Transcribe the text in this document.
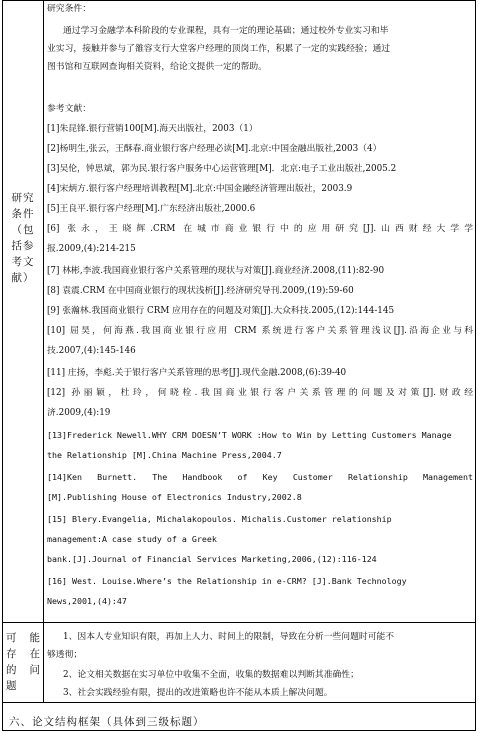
研究
条件
（包
括参
考文
献）
研究条件：
通过学习金融学本科阶段的专业课程，具有一定的理论基础；通过校外专业实习和毕
业实习，接触并参与了雒容支行大堂客户经理的顶岗工作，积累了一定的实践经验；通过
图书馆和互联网查询相关资料，给论文提供一定的帮助。
参考文献：
[1]朱昆锋.银行营销100[M].海天出版社，2003（1）
[2]杨明生,张云，王酥春.商业银行客户经理必读[M].北京:中国金融出版社,2003（4）
[3]吴伦，钟思斌，郭为民.银行客户服务中心运营管理[M]．北京:电子工业出版社,2005.2
[4]宋炳方.银行客户经理培训教程[M].北京:中国金融经济管理出版社，2003.9
[5]王良平.银行客户经理[M].广东经济出版社,2000.6
[6] 张永，王晓辉.CRM 在城市商业银行中的应用研究[J].山西财经大学学
报.2009,(4):214-215
[7] 林彬,李波.我国商业银行客户关系管理的现状与对策[J].商业经济.2008,(11):82-90
[8] 袁震.CRM 在中国商业银行的现状浅析[J].经济研究导刊.2009,(19):59-60
[9] 张瀚林.我国商业银行 CRM 应用存在的问题及对策[J].大众科技.2005,(12):144-145
[10] 屈昊，何海燕.我国商业银行应用 CRM 系统进行客户关系管理浅议[J].沿海企业与科
技.2007,(4):145-146
[11] 庄扬，李彪.关于银行客户关系管理的思考[J].现代金融.2008,(6):39-40
[12] 孙丽颖，杜玲，何晓栓.我国商业银行客户关系管理的问题及对策[J].财政经
济.2009,(4):19
[13]Frederick Newell.WHY CRM DOESN’T WORK :How to Win by Letting Customers Manage
the Relationship [M].China Machine Press,2004.7
[14]Ken Burnett. The Handbook of Key Customer Relationship Management
[M].Publishing House of Electronics Industry,2002.8
[15] Blery.Evangelia, Michalakopoulos. Michalis.Customer relationship
management:A case study of a Greek
bank.[J].Journal of Financial Services Marketing,2006,(12):116-124
[16] West. Louise.Where’s the Relationship in e-CRM? [J].Bank Technology
News,2001,(4):47
可 能
存 在
的 问
题
1、因本人专业知识有限，再加上人力、时间上的限制，导致在分析一些问题时可能不
够透彻；
2、论文相关数据在实习单位中收集不全面，收集的数据难以判断其准确性；
3、社会实践经验有限，提出的改进策略也许不能从本质上解决问题。
六、论文结构框架（具体到三级标题）
